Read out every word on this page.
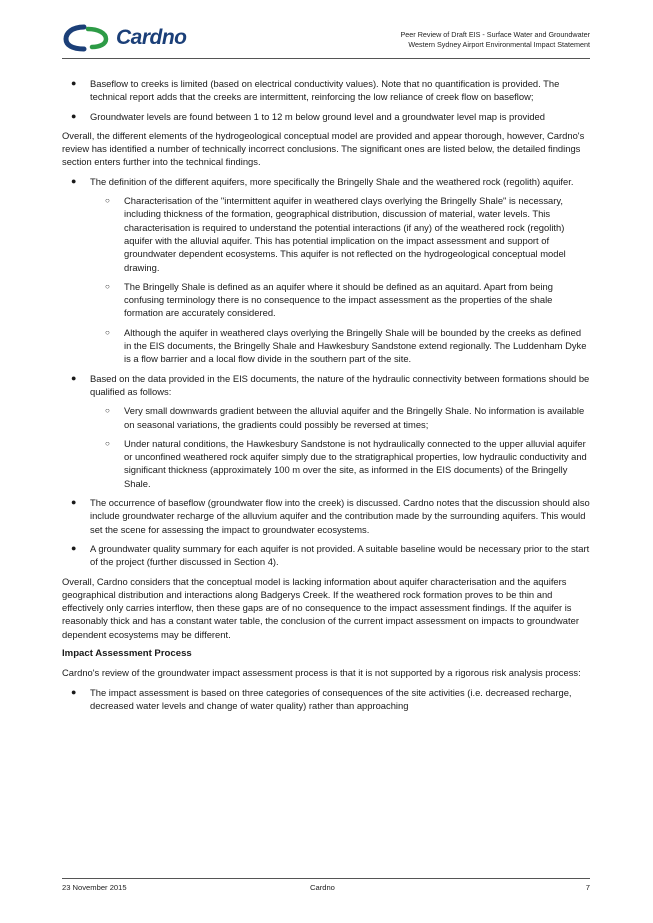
Cardno	Peer Review of Draft EIS - Surface Water and Groundwater
Western Sydney Airport Environmental Impact Statement
● Baseflow to creeks is limited (based on electrical conductivity values). Note that no quantification is provided. The technical report adds that the creeks are intermittent, reinforcing the low reliance of creek flow on baseflow;

● Groundwater levels are found between 1 to 12 m below ground level and a groundwater level map is provided

Overall, the different elements of the hydrogeological conceptual model are provided and appear thorough, however, Cardno's review has identified a number of technically incorrect conclusions. The significant ones are listed below, the detailed findings section enters further into the technical findings.

● The definition of the different aquifers, more specifically the Bringelly Shale and the weathered rock (regolith) aquifer.

○ Characterisation of the "intermittent aquifer in weathered clays overlying the Bringelly Shale" is necessary, including thickness of the formation, geographical distribution, discussion of material, water levels. This characterisation is required to understand the potential interactions (if any) of the weathered rock (regolith) aquifer with the alluvial aquifer. This has potential implication on the impact assessment and support of groundwater dependent ecosystems. This aquifer is not reflected on the hydrogeological conceptual model drawing.

○ The Bringelly Shale is defined as an aquifer where it should be defined as an aquitard. Apart from being confusing terminology there is no consequence to the impact assessment as the properties of the shale formation are accurately considered.

○ Although the aquifer in weathered clays overlying the Bringelly Shale will be bounded by the creeks as defined in the EIS documents, the Bringelly Shale and Hawkesbury Sandstone extend regionally. The Luddenham Dyke is a flow barrier and a local flow divide in the southern part of the site.

● Based on the data provided in the EIS documents, the nature of the hydraulic connectivity between formations should be qualified as follows:

○ Very small downwards gradient between the alluvial aquifer and the Bringelly Shale. No information is available on seasonal variations, the gradients could possibly be reversed at times;

○ Under natural conditions, the Hawkesbury Sandstone is not hydraulically connected to the upper alluvial aquifer or unconfined weathered rock aquifer simply due to the stratigraphical properties, low hydraulic conductivity and significant thickness (approximately 100 m over the site, as informed in the EIS documents) of the Bringelly Shale.

● The occurrence of baseflow (groundwater flow into the creek) is discussed. Cardno notes that the discussion should also include groundwater recharge of the alluvium aquifer and the contribution made by the surrounding aquifers. This would set the scene for assessing the impact to groundwater ecosystems.

● A groundwater quality summary for each aquifer is not provided. A suitable baseline would be necessary prior to the start of the project (further discussed in Section 4).

Overall, Cardno considers that the conceptual model is lacking information about aquifer characterisation and the aquifers geographical distribution and interactions along Badgerys Creek. If the weathered rock formation proves to be thin and effectively only carries interflow, then these gaps are of no consequence to the impact assessment findings. If the aquifer is reasonably thick and has a constant water table, the conclusion of the current impact assessment on impacts to groundwater dependent ecosystems may be different.

Impact Assessment Process

Cardno's review of the groundwater impact assessment process is that it is not supported by a rigorous risk analysis process:

● The impact assessment is based on three categories of consequences of the site activities (i.e. decreased recharge, decreased water levels and change of water quality) rather than approaching

23 November 2015	Cardno	7
